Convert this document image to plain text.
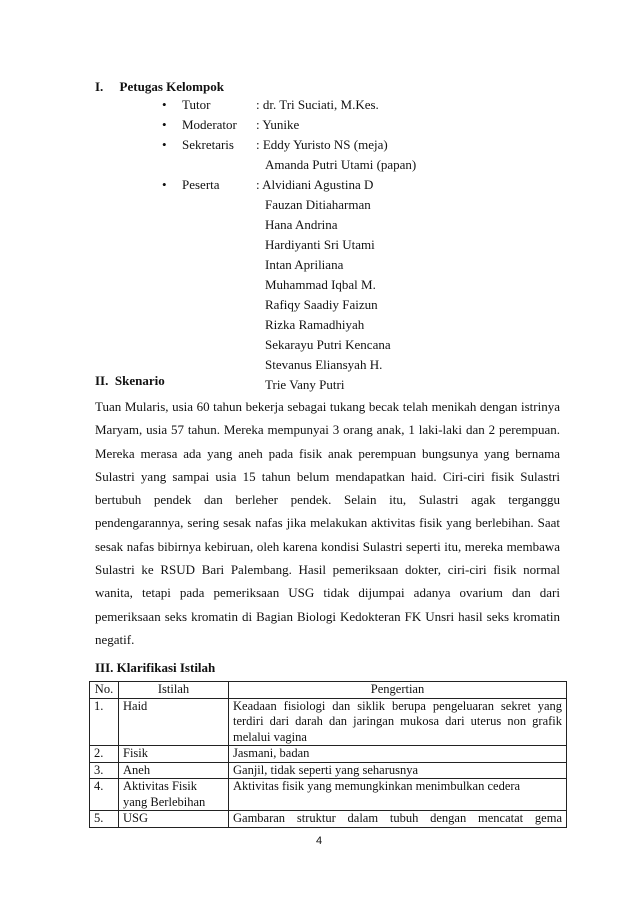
I.     Petugas Kelompok
• Tutor	: dr. Tri Suciati, M.Kes.
• Moderator : Yunike
• Sekretaris : Eddy Yuristo NS (meja)
Amanda Putri Utami (papan)
• Peserta	: Alvidiani Agustina D
Fauzan Ditiaharman
Hana Andrina
Hardiyanti Sri Utami
Intan Apriliana
Muhammad Iqbal M.
Rafiqy Saadiy Faizun
Rizka Ramadhiyah
Sekarayu Putri Kencana
Stevanus Eliansyah H.
Trie Vany Putri
II.  Skenario
Tuan Mularis, usia 60 tahun bekerja sebagai tukang becak telah menikah dengan istrinya
Maryam, usia 57 tahun. Mereka mempunyai 3 orang anak, 1 laki-laki dan 2 perempuan.
Mereka merasa ada yang aneh pada fisik anak perempuan bungsunya yang bernama
Sulastri yang sampai usia 15 tahun belum mendapatkan haid. Ciri-ciri fisik Sulastri
bertubuh pendek dan berleher pendek. Selain itu, Sulastri agak terganggu
pendengarannya, sering sesak nafas jika melakukan aktivitas fisik yang berlebihan. Saat
sesak nafas bibirnya kebiruan, oleh karena kondisi Sulastri seperti itu, mereka membawa
Sulastri ke RSUD Bari Palembang. Hasil pemeriksaan dokter, ciri-ciri fisik normal
wanita, tetapi pada pemeriksaan USG tidak dijumpai adanya ovarium dan dari
pemeriksaan seks kromatin di Bagian Biologi Kedokteran FK Unsri hasil seks kromatin
negatif.
III. Klarifikasi Istilah
No.	Istilah	Pengertian
1.	Haid	Keadaan fisiologi dan siklik berupa pengeluaran sekret yang terdiri dari darah dan jaringan mukosa dari uterus non grafik melalui vagina
2.	Fisik	Jasmani, badan
3.	Aneh	Ganjil, tidak seperti yang seharusnya
4.	Aktivitas Fisik yang Berlebihan	Aktivitas fisik yang memungkinkan menimbulkan cedera
5.	USG	Gambaran struktur dalam tubuh dengan mencatat gema
4
